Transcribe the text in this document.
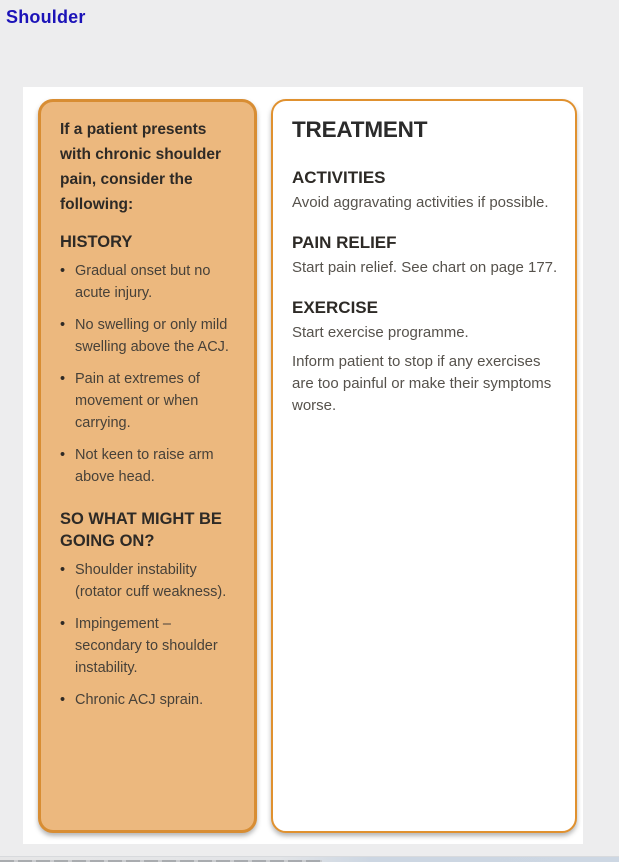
Shoulder
If a patient presents with chronic shoulder pain, consider the following:
HISTORY
• Gradual onset but no acute injury.
• No swelling or only mild swelling above the ACJ.
• Pain at extremes of movement or when carrying.
• Not keen to raise arm above head.
SO WHAT MIGHT BE GOING ON?
• Shoulder instability (rotator cuff weakness).
• Impingement – secondary to shoulder instability.
• Chronic ACJ sprain.
TREATMENT
ACTIVITIES
Avoid aggravating activities if possible.
PAIN RELIEF
Start pain relief. See chart on page 177.
EXERCISE
Start exercise programme.
Inform patient to stop if any exercises are too painful or make their symptoms worse.
